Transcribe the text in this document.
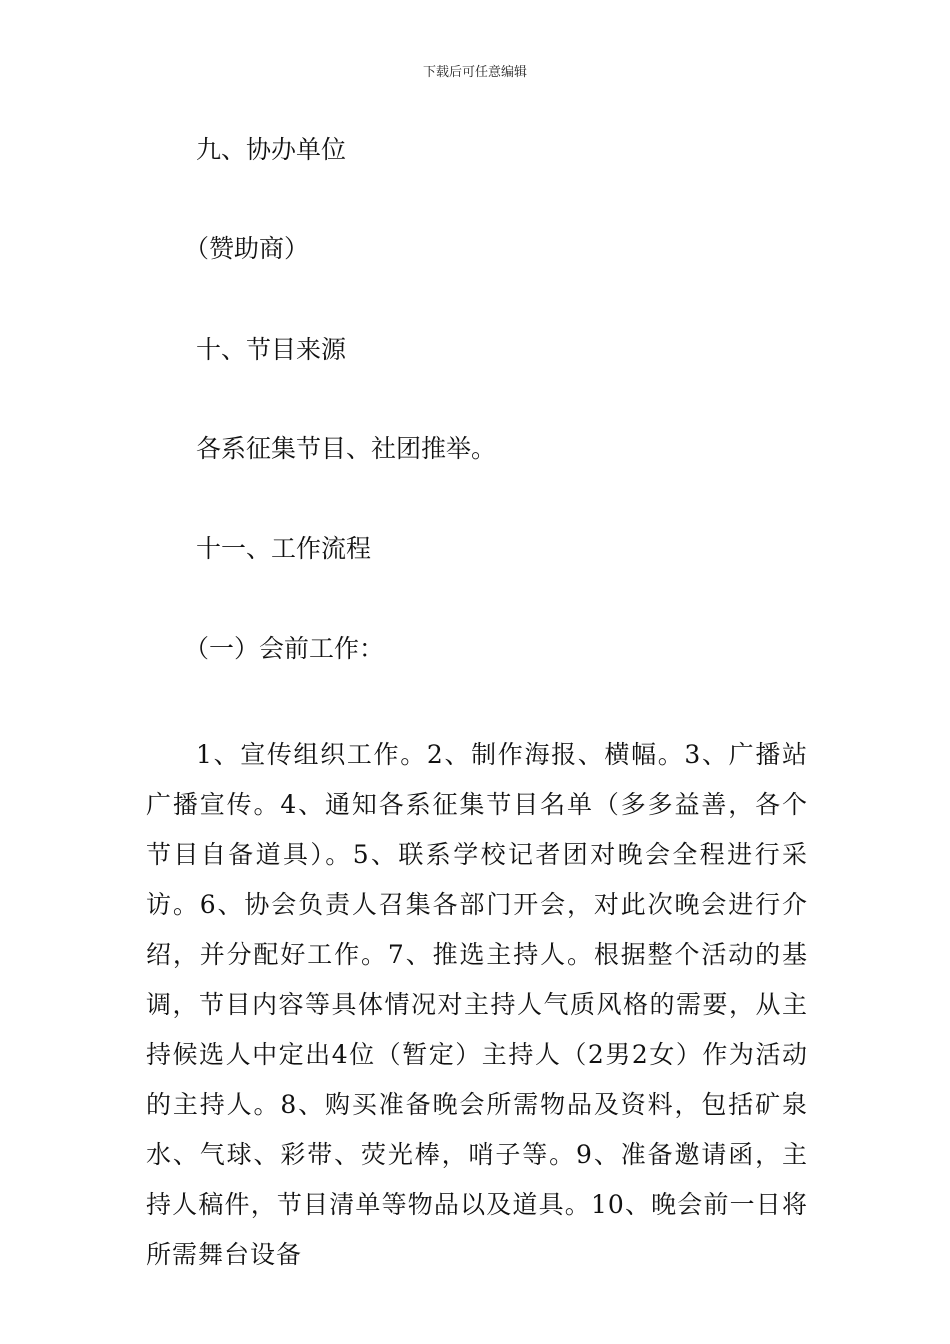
下载后可任意编辑
九、协办单位
（赞助商）
十、节目来源
各系征集节目、社团推举。
十一、工作流程
（一）会前工作：
1、宣传组织工作。2、制作海报、横幅。3、广播站广播宣传。4、通知各系征集节目名单（多多益善，各个节目自备道具）。5、联系学校记者团对晚会全程进行采访。6、协会负责人召集各部门开会，对此次晚会进行介绍，并分配好工作。7、推选主持人。根据整个活动的基调，节目内容等具体情况对主持人气质风格的需要，从主持候选人中定出4位（暂定）主持人（2男2女）作为活动的主持人。8、购买准备晚会所需物品及资料，包括矿泉水、气球、彩带、荧光棒，哨子等。9、准备邀请函，主持人稿件，节目清单等物品以及道具。10、晚会前一日将所需舞台设备
